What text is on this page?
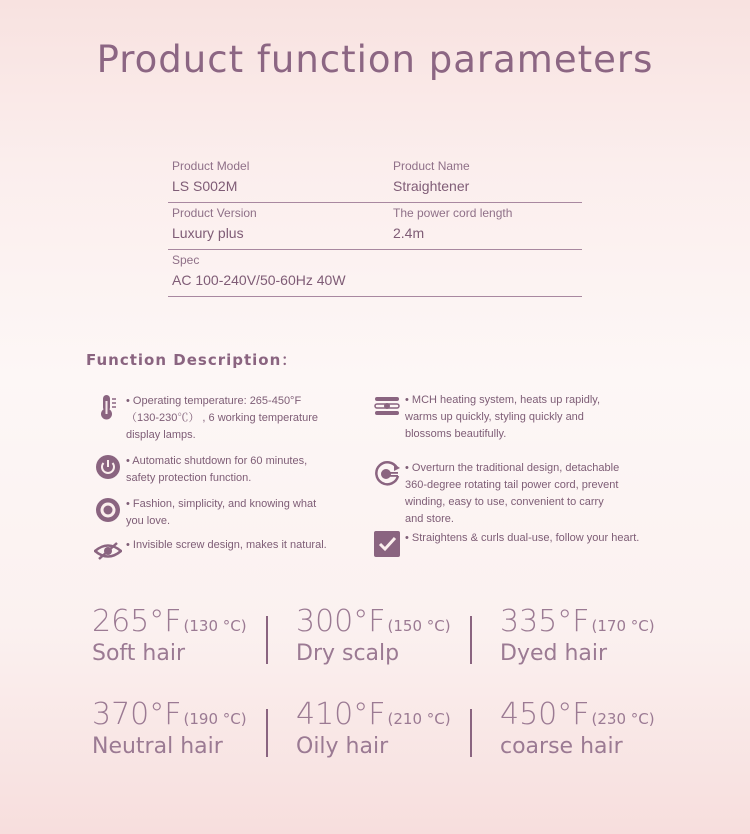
Product function parameters
Product Model
LS S002M
Product Name
Straightener
Product Version
Luxury plus
The power cord length
2.4m
Spec
AC 100-240V/50-60Hz 40W
Function Description：
• Operating temperature: 265-450°F
（130-230℃） , 6 working temperature
display lamps.
• Automatic shutdown for 60 minutes,
safety protection function.
• Fashion, simplicity, and knowing what
you love.
• Invisible screw design, makes it natural.
• MCH heating system, heats up rapidly,
warms up quickly, styling quickly and
blossoms beautifully.
• Overturn the traditional design, detachable
360-degree rotating tail power cord, prevent
winding, easy to use, convenient to carry
and store.
• Straightens & curls dual-use, follow your heart.
265°F (130 °C)
Soft hair
300°F (150 °C)
Dry scalp
335°F (170 °C)
Dyed hair
370°F (190 °C)
Neutral hair
410°F (210 °C)
Oily hair
450°F (230 °C)
coarse hair
